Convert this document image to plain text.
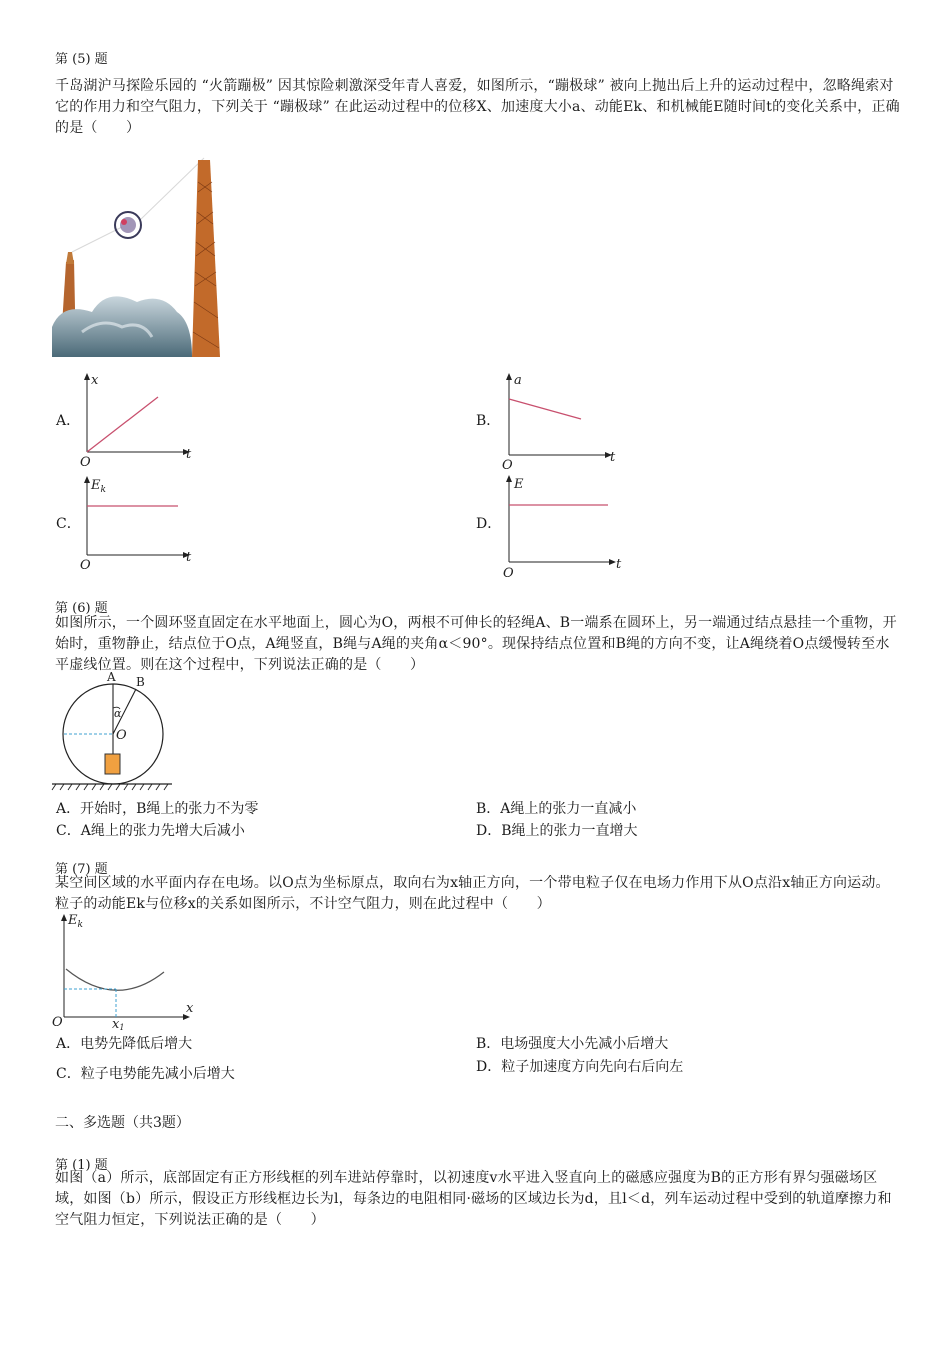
第 (5) 题
千岛湖沪马探险乐园的 “火箭蹦极” 因其惊险刺激深受年青人喜爱，如图所示，“蹦极球” 被向上抛出后上升的运动过程中，忽略绳索对它的作用力和空气阻力，下列关于 “蹦极球” 在此运动过程中的位移X、加速度大小a、动能Ek、和机械能E随时间t的变化关系中，正确的是（　　）
A．	B．
C．	D．
x
t
O
a
t
O
$E_k$
t
O
E
t
O
第 (6) 题
如图所示，一个圆环竖直固定在水平地面上，圆心为O，两根不可伸长的轻绳A、B一端系在圆环上，另一端通过结点悬挂一个重物，开始时，重物静止，结点位于O点，A绳竖直，B绳与A绳的夹角α＜90°。现保持结点位置和B绳的方向不变，让A绳绕着O点缓慢转至水平虚线位置。则在这个过程中，下列说法正确的是（　　）
A B
α
O
A．开始时，B绳上的张力不为零	B．A绳上的张力一直减小
C．A绳上的张力先增大后减小	D．B绳上的张力一直增大
第 (7) 题
某空间区域的水平面内存在电场。以O点为坐标原点，取向右为x轴正方向，一个带电粒子仅在电场力作用下从O点沿x轴正方向运动。粒子的动能Ek与位移x的关系如图所示，不计空气阻力，则在此过程中（　　）
$E_k$
x
O	x1
A．电势先降低后增大	B．电场强度大小先减小后增大
C．粒子电势能先减小后增大	D．粒子加速度方向先向右后向左
二、多选题（共3题）
第 (1) 题
如图（a）所示，底部固定有正方形线框的列车进站停靠时，以初速度v水平进入竖直向上的磁感应强度为B的正方形有界匀强磁场区域，如图（b）所示，假设正方形线框边长为l，每条边的电阻相同·磁场的区域边长为d，且l＜d，列车运动过程中受到的轨道摩擦力和空气阻力恒定，下列说法正确的是（　　）
